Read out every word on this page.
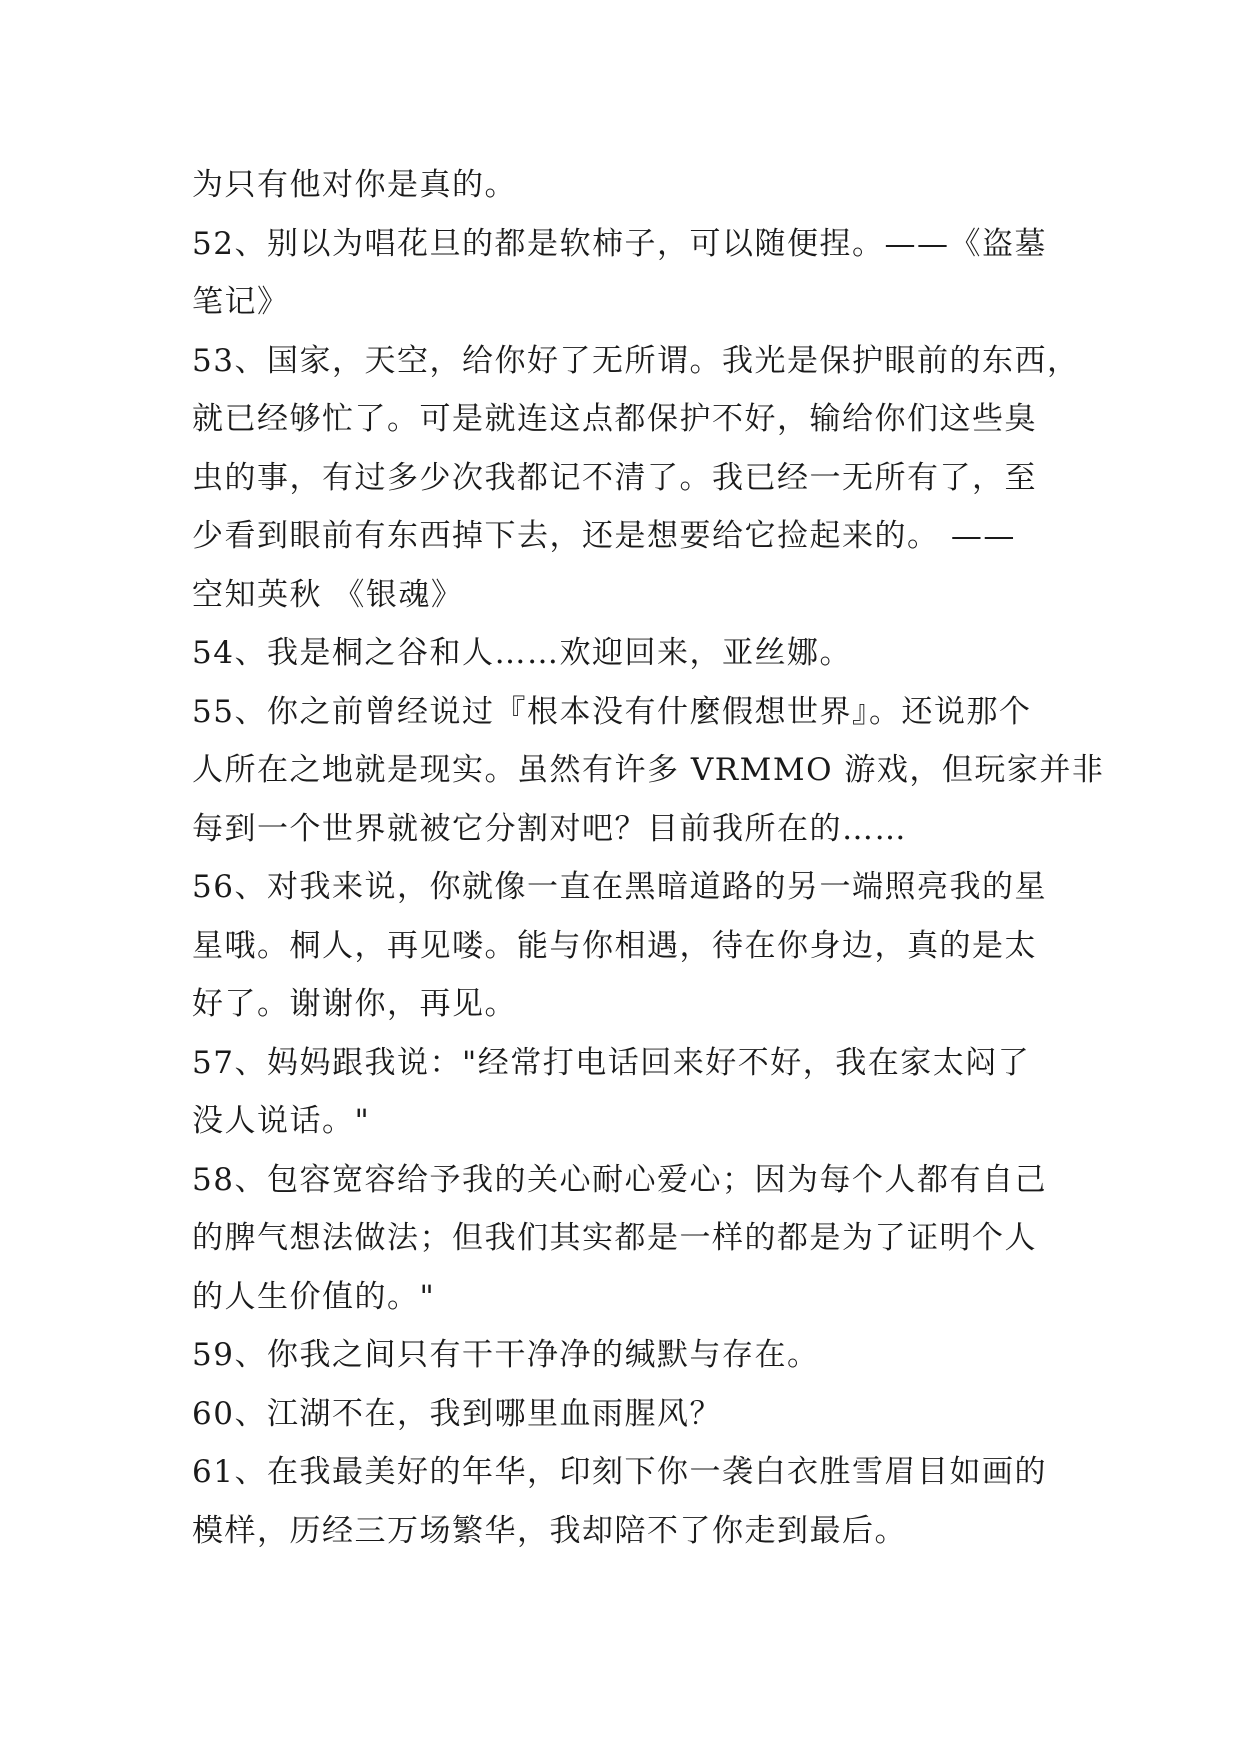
为只有他对你是真的。
52、别以为唱花旦的都是软柿子，可以随便捏。——《盗墓
笔记》
53、国家，天空，给你好了无所谓。我光是保护眼前的东西，
就已经够忙了。可是就连这点都保护不好，输给你们这些臭
虫的事，有过多少次我都记不清了。我已经一无所有了，至
少看到眼前有东西掉下去，还是想要给它捡起来的。 ——
空知英秋 《银魂》
54、我是桐之谷和人……欢迎回来，亚丝娜。
55、你之前曾经说过『根本没有什麼假想世界』。还说那个
人所在之地就是现实。虽然有许多 VRMMO 游戏，但玩家并非
每到一个世界就被它分割对吧？目前我所在的……
56、对我来说，你就像一直在黑暗道路的另一端照亮我的星
星哦。桐人，再见喽。能与你相遇，待在你身边，真的是太
好了。谢谢你，再见。
57、妈妈跟我说："经常打电话回来好不好，我在家太闷了
没人说话。"
58、包容宽容给予我的关心耐心爱心；因为每个人都有自己
的脾气想法做法；但我们其实都是一样的都是为了证明个人
的人生价值的。"
59、你我之间只有干干净净的缄默与存在。
60、江湖不在，我到哪里血雨腥风？
61、在我最美好的年华，印刻下你一袭白衣胜雪眉目如画的
模样，历经三万场繁华，我却陪不了你走到最后。
